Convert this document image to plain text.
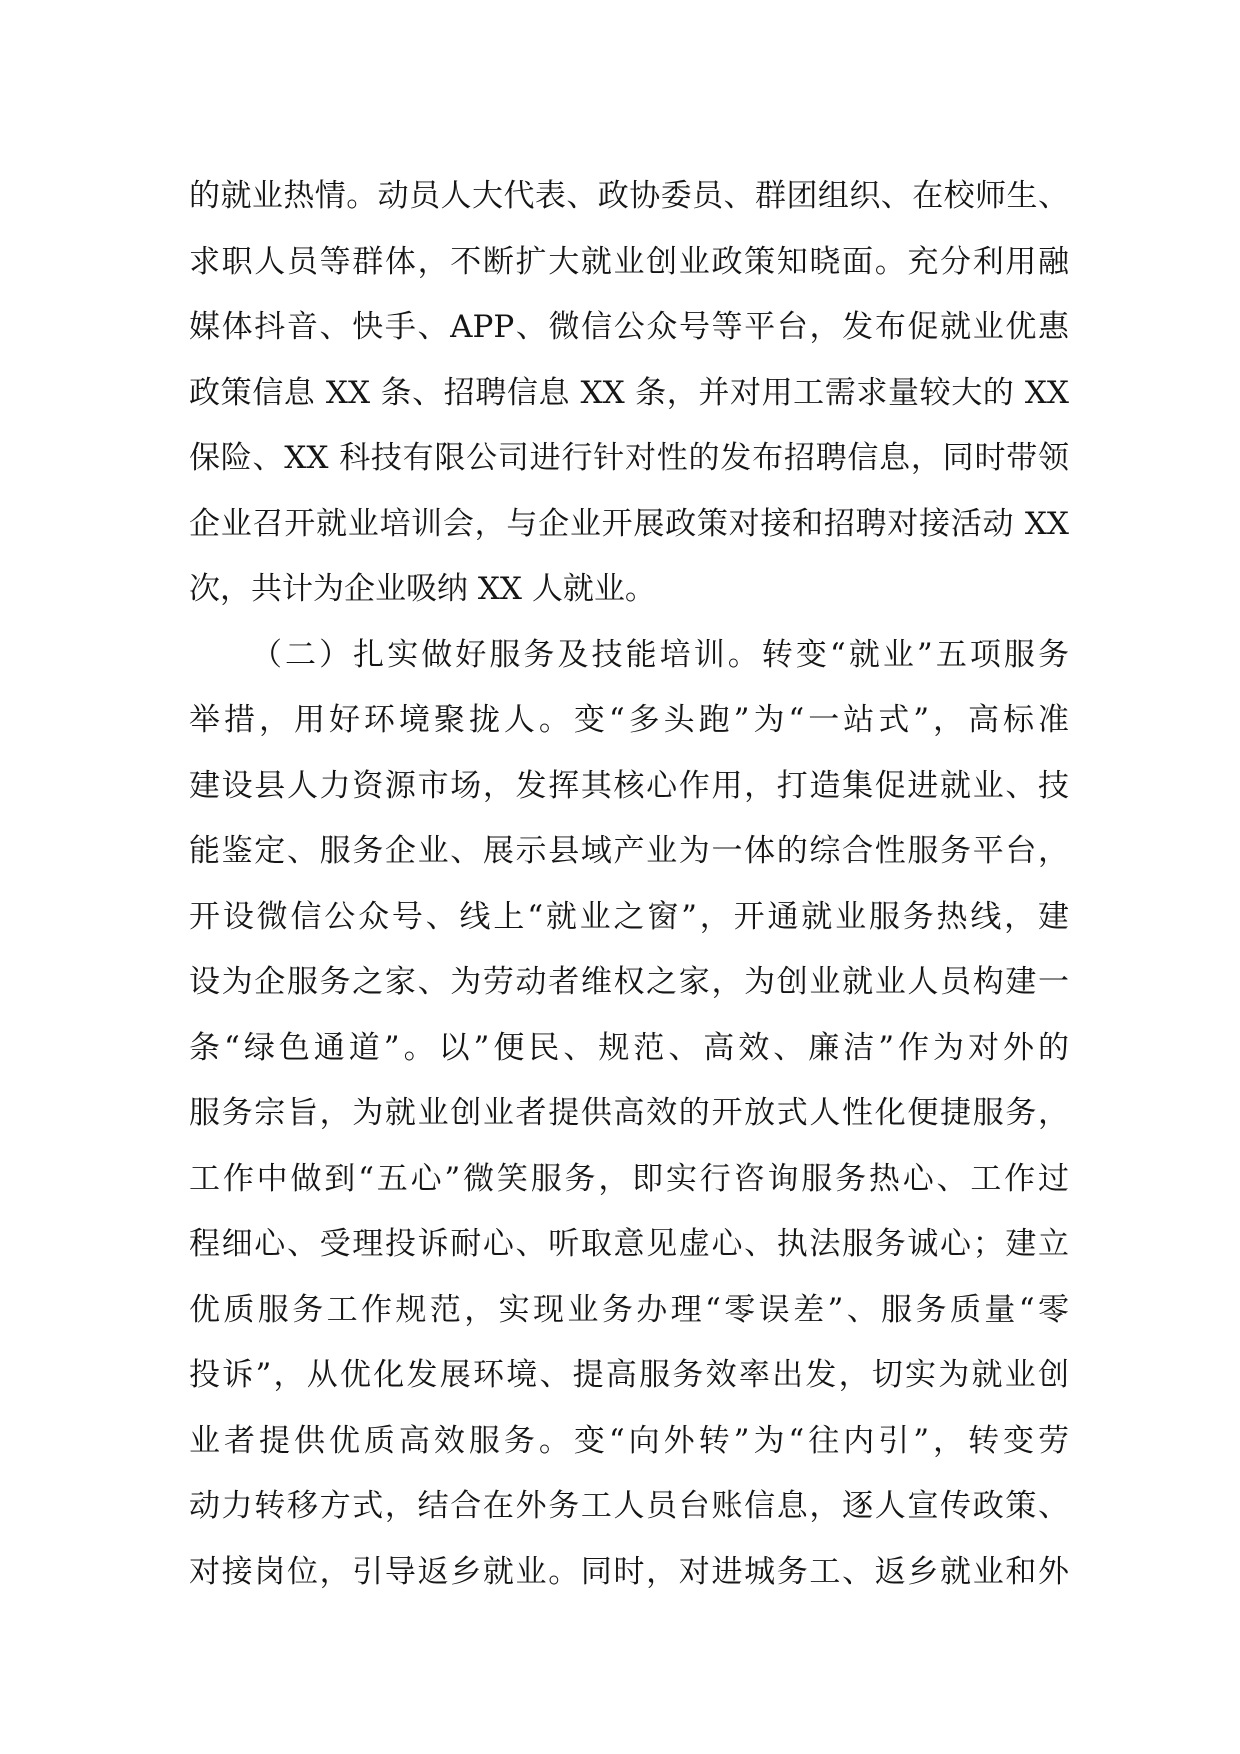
的就业热情。动员人大代表、政协委员、群团组织、在校师生、
求职人员等群体，不断扩大就业创业政策知晓面。充分利用融
媒体抖音、快手、APP、微信公众号等平台，发布促就业优惠
政策信息 XX 条、招聘信息 XX 条，并对用工需求量较大的 XX
保险、XX 科技有限公司进行针对性的发布招聘信息，同时带领
企业召开就业培训会，与企业开展政策对接和招聘对接活动 XX
次，共计为企业吸纳 XX 人就业。
（二）扎实做好服务及技能培训。转变“就业”五项服务
举措，用好环境聚拢人。变“多头跑”为“一站式”，高标准
建设县人力资源市场，发挥其核心作用，打造集促进就业、技
能鉴定、服务企业、展示县域产业为一体的综合性服务平台，
开设微信公众号、线上“就业之窗”，开通就业服务热线，建
设为企服务之家、为劳动者维权之家，为创业就业人员构建一
条“绿色通道”。以”便民、规范、高效、廉洁”作为对外的
服务宗旨，为就业创业者提供高效的开放式人性化便捷服务，
工作中做到“五心”微笑服务，即实行咨询服务热心、工作过
程细心、受理投诉耐心、听取意见虚心、执法服务诚心；建立
优质服务工作规范，实现业务办理“零误差”、服务质量“零
投诉”，从优化发展环境、提高服务效率出发，切实为就业创
业者提供优质高效服务。变“向外转”为“往内引”，转变劳
动力转移方式，结合在外务工人员台账信息，逐人宣传政策、
对接岗位，引导返乡就业。同时，对进城务工、返乡就业和外
